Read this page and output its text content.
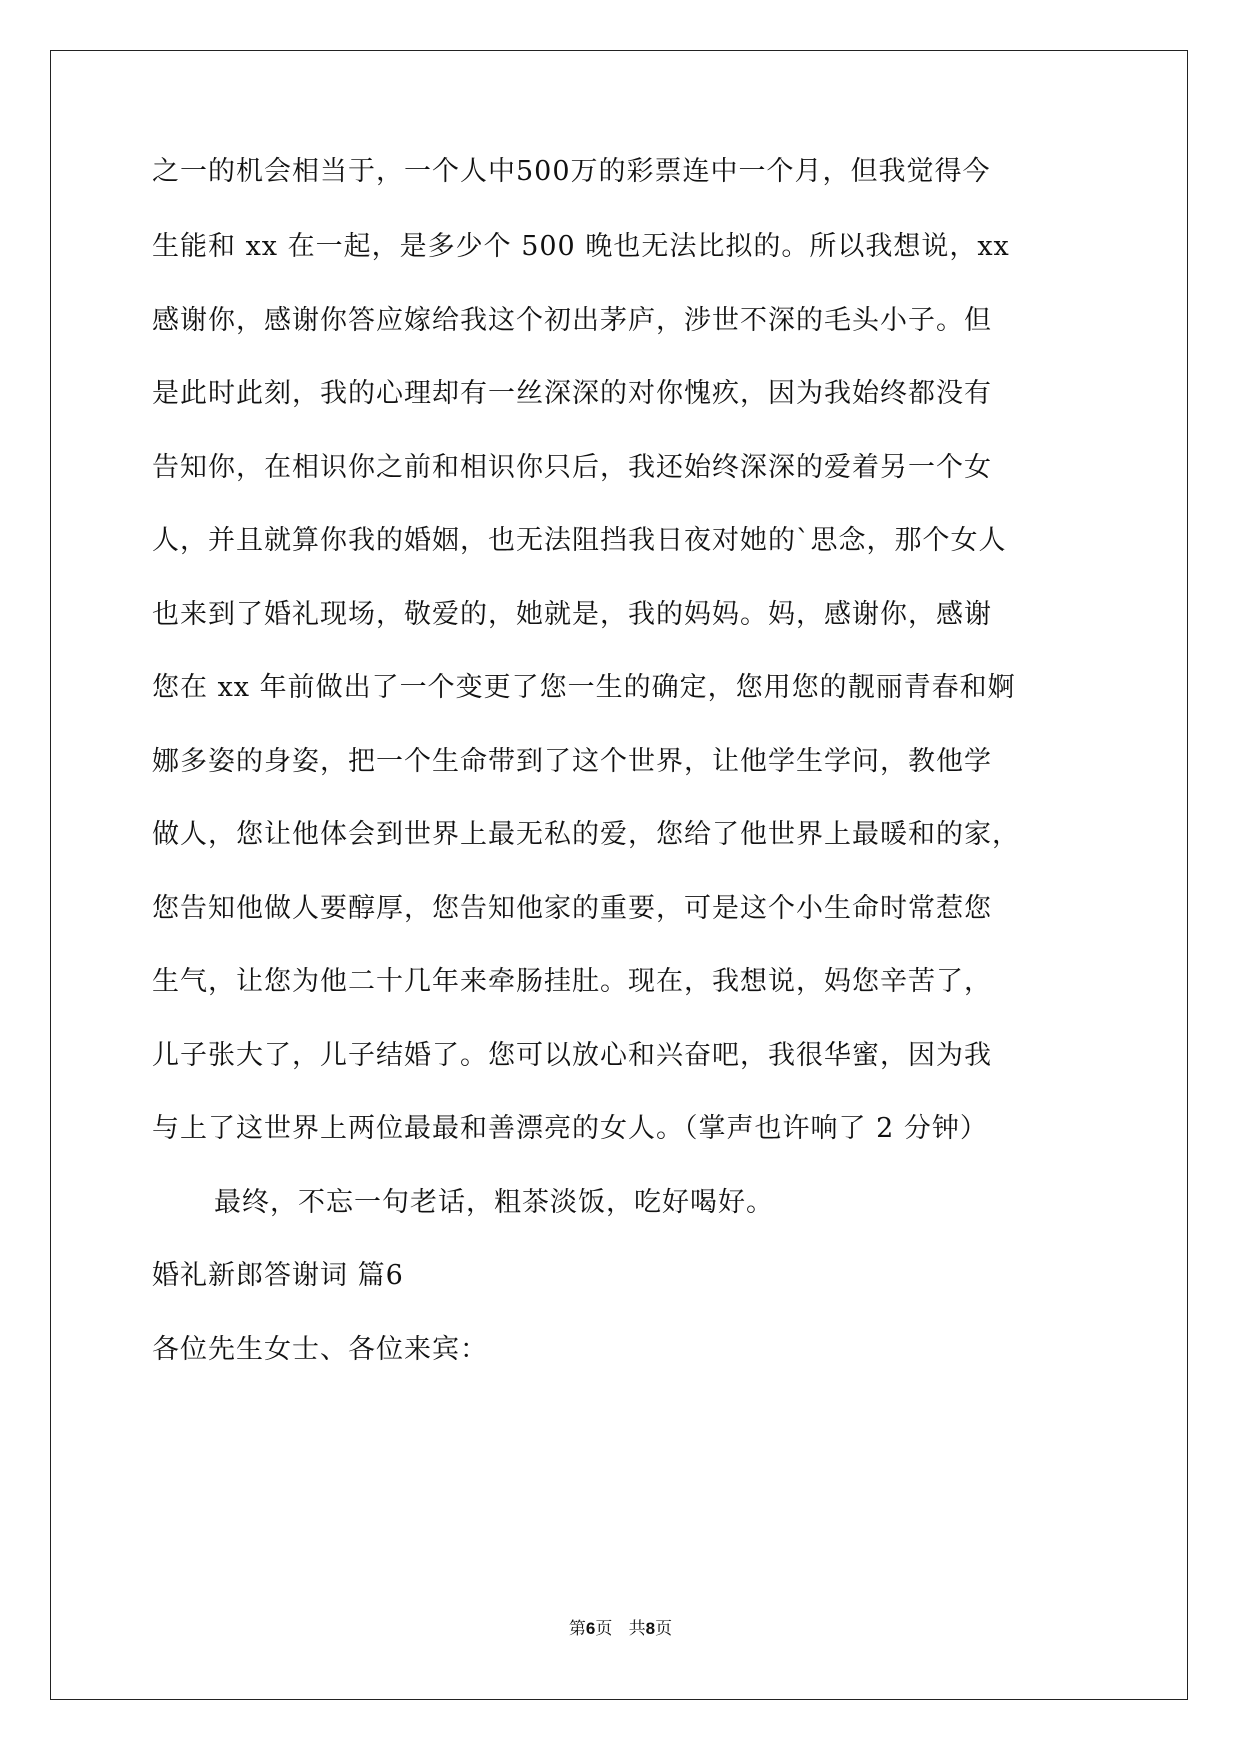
之一的机会相当于，一个人中500万的彩票连中一个月，但我觉得今
生能和 xx 在一起，是多少个 500 晚也无法比拟的。所以我想说，xx
感谢你，感谢你答应嫁给我这个初出茅庐，涉世不深的毛头小子。但
是此时此刻，我的心理却有一丝深深的对你愧疚，因为我始终都没有
告知你，在相识你之前和相识你只后，我还始终深深的爱着另一个女
人，并且就算你我的婚姻，也无法阻挡我日夜对她的`思念，那个女人
也来到了婚礼现场，敬爱的，她就是，我的妈妈。妈，感谢你，感谢
您在 xx 年前做出了一个变更了您一生的确定，您用您的靓丽青春和婀
娜多姿的身姿，把一个生命带到了这个世界，让他学生学问，教他学
做人，您让他体会到世界上最无私的爱，您给了他世界上最暖和的家，
您告知他做人要醇厚，您告知他家的重要，可是这个小生命时常惹您
生气，让您为他二十几年来牵肠挂肚。现在，我想说，妈您辛苦了，
儿子张大了，儿子结婚了。您可以放心和兴奋吧，我很华蜜，因为我
与上了这世界上两位最最和善漂亮的女人。（掌声也许响了 2 分钟）
最终，不忘一句老话，粗茶淡饭，吃好喝好。
婚礼新郎答谢词 篇6
各位先生女士、各位来宾：
第6页 共8页
